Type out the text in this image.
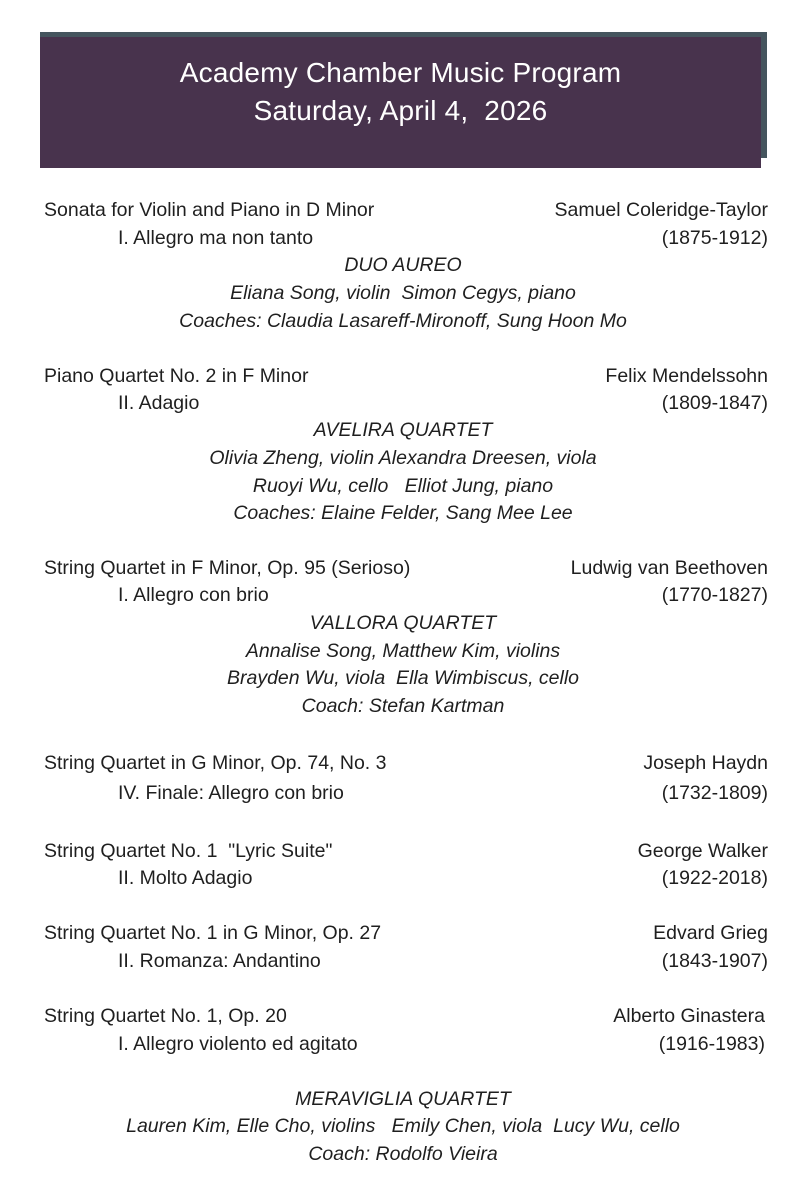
Academy Chamber Music Program
Saturday, April 4,  2026
Sonata for Violin and Piano in D Minor	Samuel Coleridge-Taylor
I. Allegro ma non tanto	(1875-1912)
DUO AUREO
Eliana Song, violin  Simon Cegys, piano
Coaches: Claudia Lasareff-Mironoff, Sung Hoon Mo
Piano Quartet No. 2 in F Minor	Felix Mendelssohn
II. Adagio	(1809-1847)
AVELIRA QUARTET
Olivia Zheng, violin Alexandra Dreesen, viola
Ruoyi Wu, cello   Elliot Jung, piano
Coaches: Elaine Felder, Sang Mee Lee
String Quartet in F Minor, Op. 95 (Serioso)	Ludwig van Beethoven
I. Allegro con brio	(1770-1827)
VALLORA QUARTET
Annalise Song, Matthew Kim, violins
Brayden Wu, viola  Ella Wimbiscus, cello
Coach: Stefan Kartman
String Quartet in G Minor, Op. 74, No. 3	Joseph Haydn
IV. Finale: Allegro con brio	(1732-1809)
String Quartet No. 1  "Lyric Suite"	George Walker
II. Molto Adagio	(1922-2018)
String Quartet No. 1 in G Minor, Op. 27	Edvard Grieg
II. Romanza: Andantino	(1843-1907)
String Quartet No. 1, Op. 20	Alberto Ginastera
I. Allegro violento ed agitato	(1916-1983)
MERAVIGLIA QUARTET
Lauren Kim, Elle Cho, violins   Emily Chen, viola  Lucy Wu, cello
Coach: Rodolfo Vieira
